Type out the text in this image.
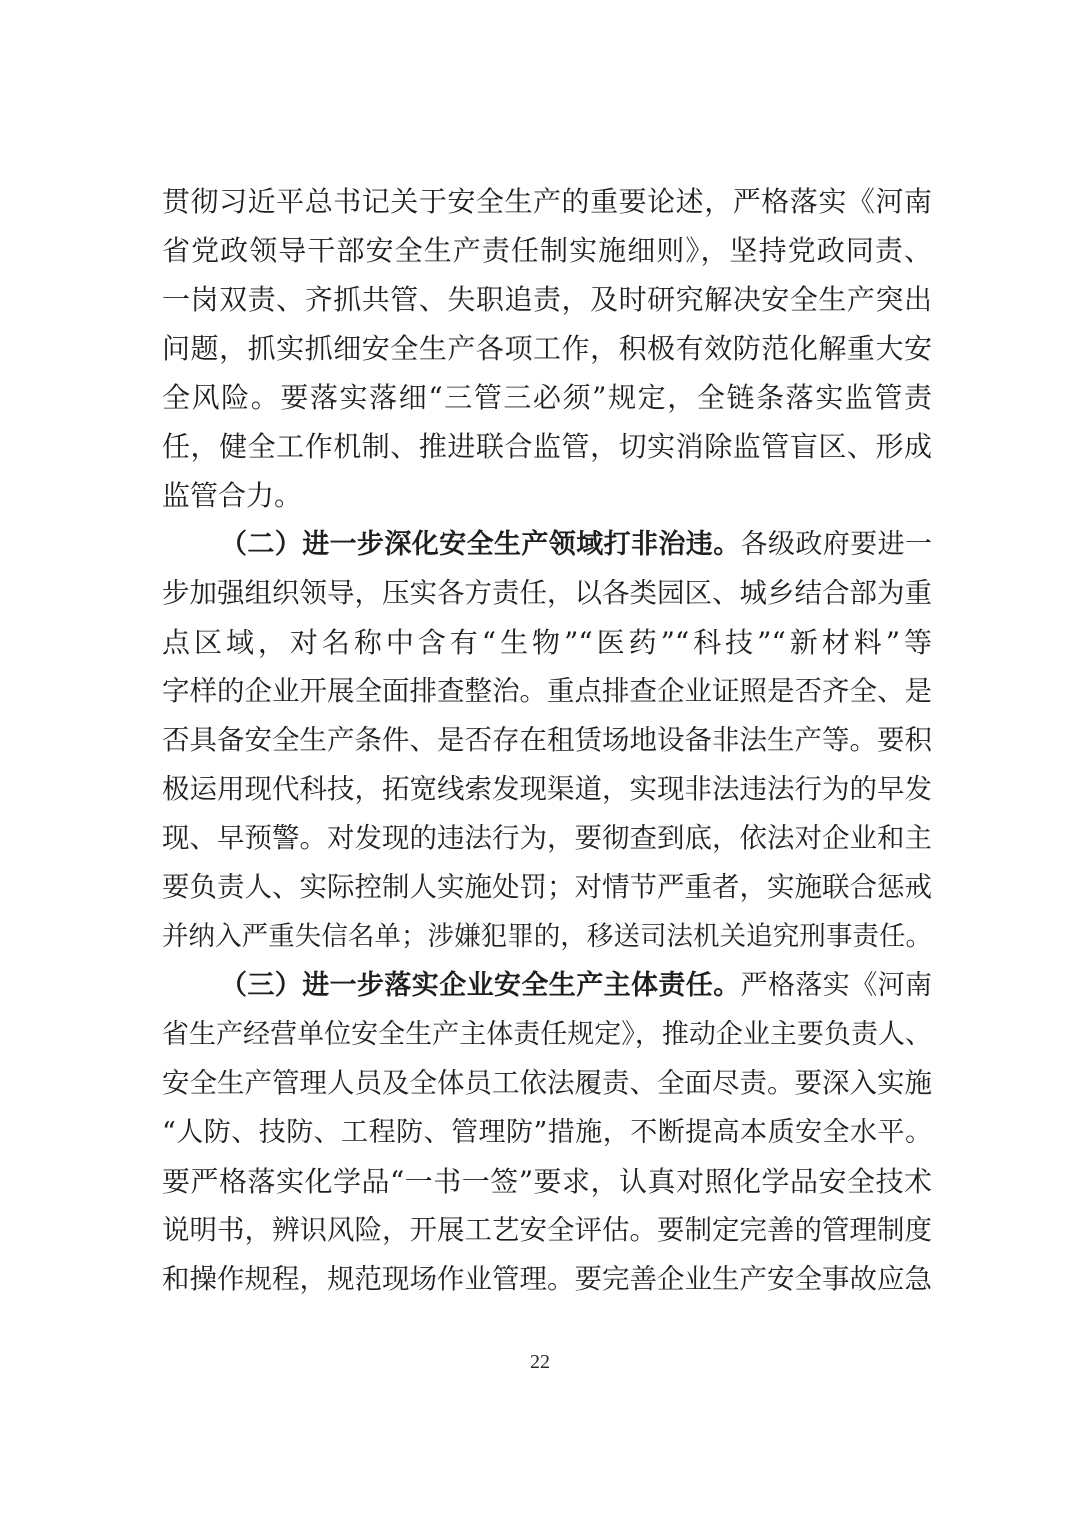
贯彻习近平总书记关于安全生产的重要论述，严格落实《河南
省党政领导干部安全生产责任制实施细则》，坚持党政同责、
一岗双责、齐抓共管、失职追责，及时研究解决安全生产突出
问题，抓实抓细安全生产各项工作，积极有效防范化解重大安
全风险。要落实落细“三管三必须”规定，全链条落实监管责
任，健全工作机制、推进联合监管，切实消除监管盲区、形成
监管合力。
（二）进一步深化安全生产领域打非治违。各级政府要进一
步加强组织领导，压实各方责任，以各类园区、城乡结合部为重
点区域，对名称中含有“生物”“医药”“科技”“新材料”等
字样的企业开展全面排查整治。重点排查企业证照是否齐全、是
否具备安全生产条件、是否存在租赁场地设备非法生产等。要积
极运用现代科技，拓宽线索发现渠道，实现非法违法行为的早发
现、早预警。对发现的违法行为，要彻查到底，依法对企业和主
要负责人、实际控制人实施处罚；对情节严重者，实施联合惩戒
并纳入严重失信名单；涉嫌犯罪的，移送司法机关追究刑事责任。
（三）进一步落实企业安全生产主体责任。严格落实《河南
省生产经营单位安全生产主体责任规定》，推动企业主要负责人、
安全生产管理人员及全体员工依法履责、全面尽责。要深入实施
“人防、技防、工程防、管理防”措施，不断提高本质安全水平。
要严格落实化学品“一书一签”要求，认真对照化学品安全技术
说明书，辨识风险，开展工艺安全评估。要制定完善的管理制度
和操作规程，规范现场作业管理。要完善企业生产安全事故应急
22
